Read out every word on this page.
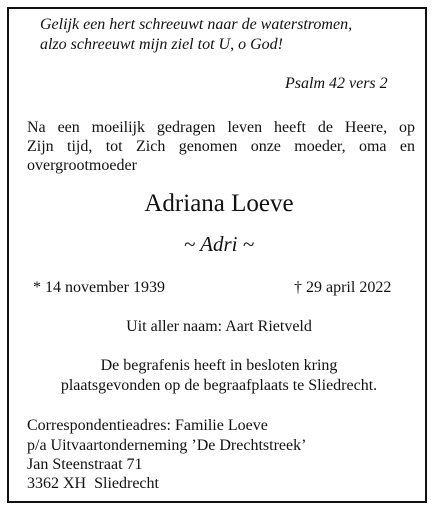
Gelijk een hert schreeuwt naar de waterstromen,
alzo schreeuwt mijn ziel tot U, o God!
Psalm 42 vers 2
Na een moeilijk gedragen leven heeft de Heere, op
Zijn tijd, tot Zich genomen onze moeder, oma en
overgrootmoeder
Adriana Loeve
~ Adri ~
* 14 november 1939	† 29 april 2022
Uit aller naam: Aart Rietveld
De begrafenis heeft in besloten kring
plaatsgevonden op de begraafplaats te Sliedrecht.
Correspondentieadres: Familie Loeve
p/a Uitvaartonderneming ’De Drechtstreek’
Jan Steenstraat 71
3362 XH  Sliedrecht
